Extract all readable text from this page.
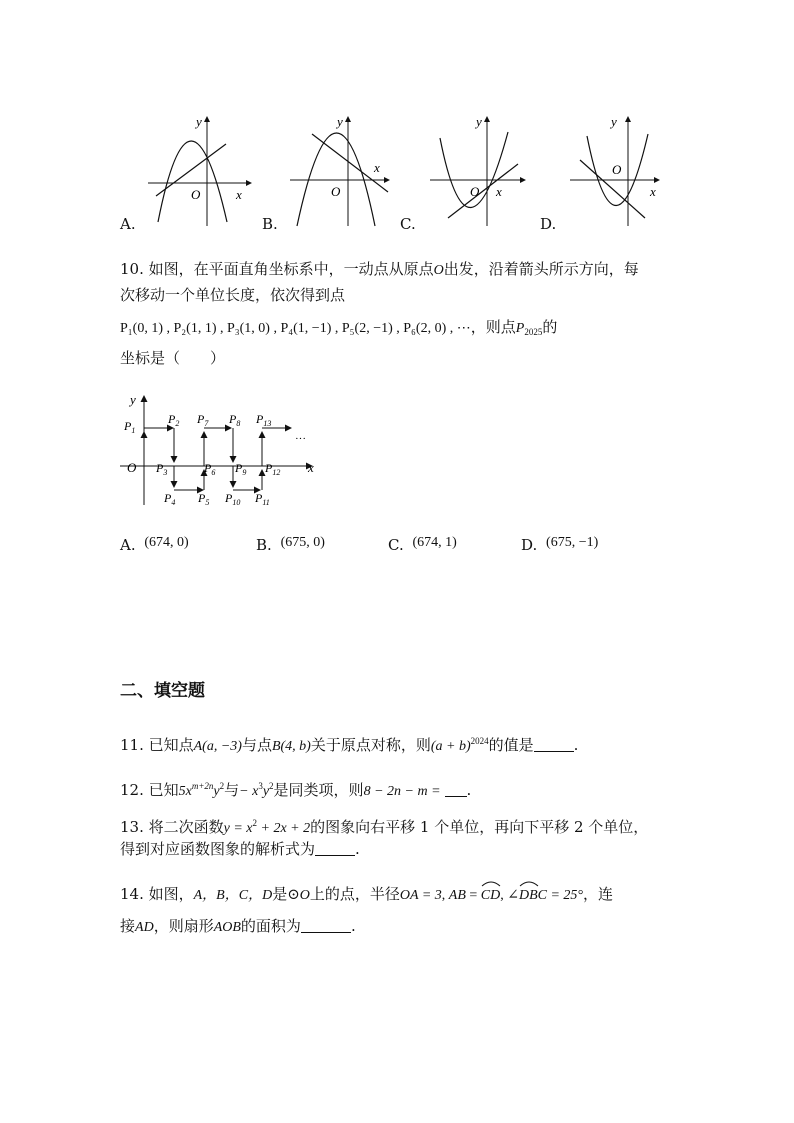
y
x
O
y
x
O
y
x
O
y
x
O
A.	B.	C.	D.
10. 如图，在平面直角坐标系中，一动点从原点O出发，沿着箭头所示方向，每
次移动一个单位长度，依次得到点
P₁(0, 1) , P₂(1, 1) , P₃(1, 0) , P₄(1, −1) , P₅(2, −1) , P₆(2, 0) , ⋯，则点$P_{2025}$的
坐标是（　　）
y
x
O
···
$P_1$
$P_2$
$P_3$
$P_4$ $P_5$
$P_6$
$P_7$ $P_8$
$P_9$
$P_{10}$ $P_{11}$
$P_{12}$
$P_{13}$
A. (674, 0)	B. (675, 0)	C. (674, 1)	D. (675, −1)
二、填空题
11. 已知点A(a, −3)与点B(4, b)关于原点对称，则$(a + b)^{2024}$的值是	.
12. 已知$5x^{m+2n}y^2$与− $x^3y^2$是同类项，则8 − 2n − m = .
13. 将二次函数$y = x^2 + 2x + 2$的图象向右平移 1 个单位，再向下平移 2 个单位，
得到对应函数图象的解析式为	.
14. 如图，A，B，C，D是⊙O上的点，半径OA = 3, AB = CD, ∠DBC = 25°，连
接AD，则扇形AOB的面积为	.
